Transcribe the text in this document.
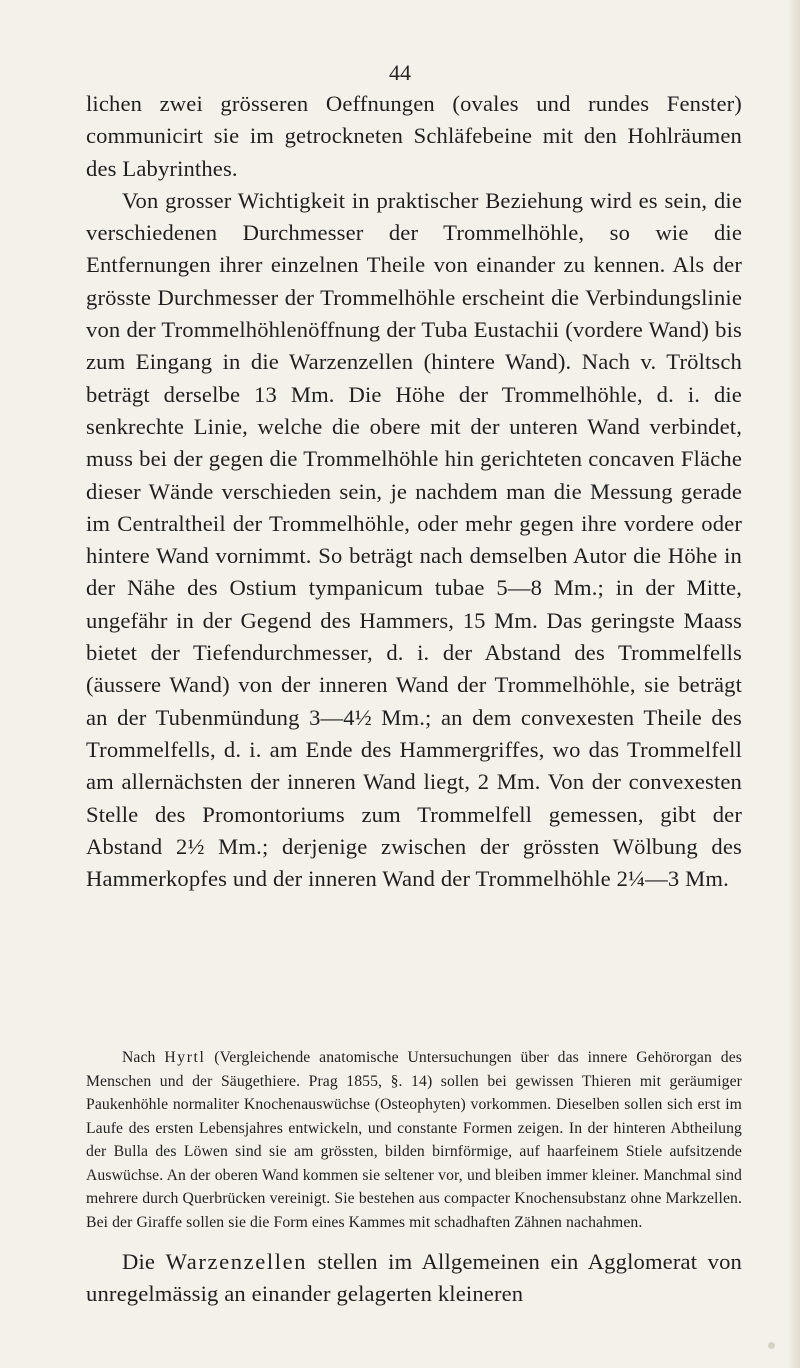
44

lichen zwei grösseren Oeffnungen (ovales und rundes Fenster) communicirt sie im getrockneten Schläfebeine mit den Hohlräumen des Labyrinthes.

Von grosser Wichtigkeit in praktischer Beziehung wird es sein, die verschiedenen Durchmesser der Trommelhöhle, so wie die Entfernungen ihrer einzelnen Theile von einander zu kennen. Als der grösste Durchmesser der Trommelhöhle erscheint die Verbindungslinie von der Trommelhöhlenöffnung der Tuba Eustachii (vordere Wand) bis zum Eingang in die Warzenzellen (hintere Wand). Nach v. Tröltsch beträgt derselbe 13 Mm. Die Höhe der Trommelhöhle, d. i. die senkrechte Linie, welche die obere mit der unteren Wand verbindet, muss bei der gegen die Trommelhöhle hin gerichteten concaven Fläche dieser Wände verschieden sein, je nachdem man die Messung gerade im Centraltheil der Trommelhöhle, oder mehr gegen ihre vordere oder hintere Wand vornimmt. So beträgt nach demselben Autor die Höhe in der Nähe des Ostium tympanicum tubae 5—8 Mm.; in der Mitte, ungefähr in der Gegend des Hammers, 15 Mm. Das geringste Maass bietet der Tiefendurchmesser, d. i. der Abstand des Trommelfells (äussere Wand) von der inneren Wand der Trommelhöhle, sie beträgt an der Tubenmündung 3—4½ Mm.; an dem convexesten Theile des Trommelfells, d. i. am Ende des Hammergriffes, wo das Trommelfell am allernächsten der inneren Wand liegt, 2 Mm. Von der convexesten Stelle des Promontoriums zum Trommelfell gemessen, gibt der Abstand 2½ Mm.; derjenige zwischen der grössten Wölbung des Hammerkopfes und der inneren Wand der Trommelhöhle 2¼—3 Mm.

Nach Hyrtl (Vergleichende anatomische Untersuchungen über das innere Gehörorgan des Menschen und der Säugethiere. Prag 1855, §. 14) sollen bei gewissen Thieren mit geräumiger Paukenhöhle normaliter Knochenauswüchse (Osteophyten) vorkommen. Dieselben sollen sich erst im Laufe des ersten Lebensjahres entwickeln, und constante Formen zeigen. In der hinteren Abtheilung der Bulla des Löwen sind sie am grössten, bilden birnförmige, auf haarfeinem Stiele aufsitzende Auswüchse. An der oberen Wand kommen sie seltener vor, und bleiben immer kleiner. Manchmal sind mehrere durch Querbrücken vereinigt. Sie bestehen aus compacter Knochensubstanz ohne Markzellen. Bei der Giraffe sollen sie die Form eines Kammes mit schadhaften Zähnen nachahmen.

Die Warzenzellen stellen im Allgemeinen ein Agglomerat von unregelmässig an einander gelagerten kleineren
